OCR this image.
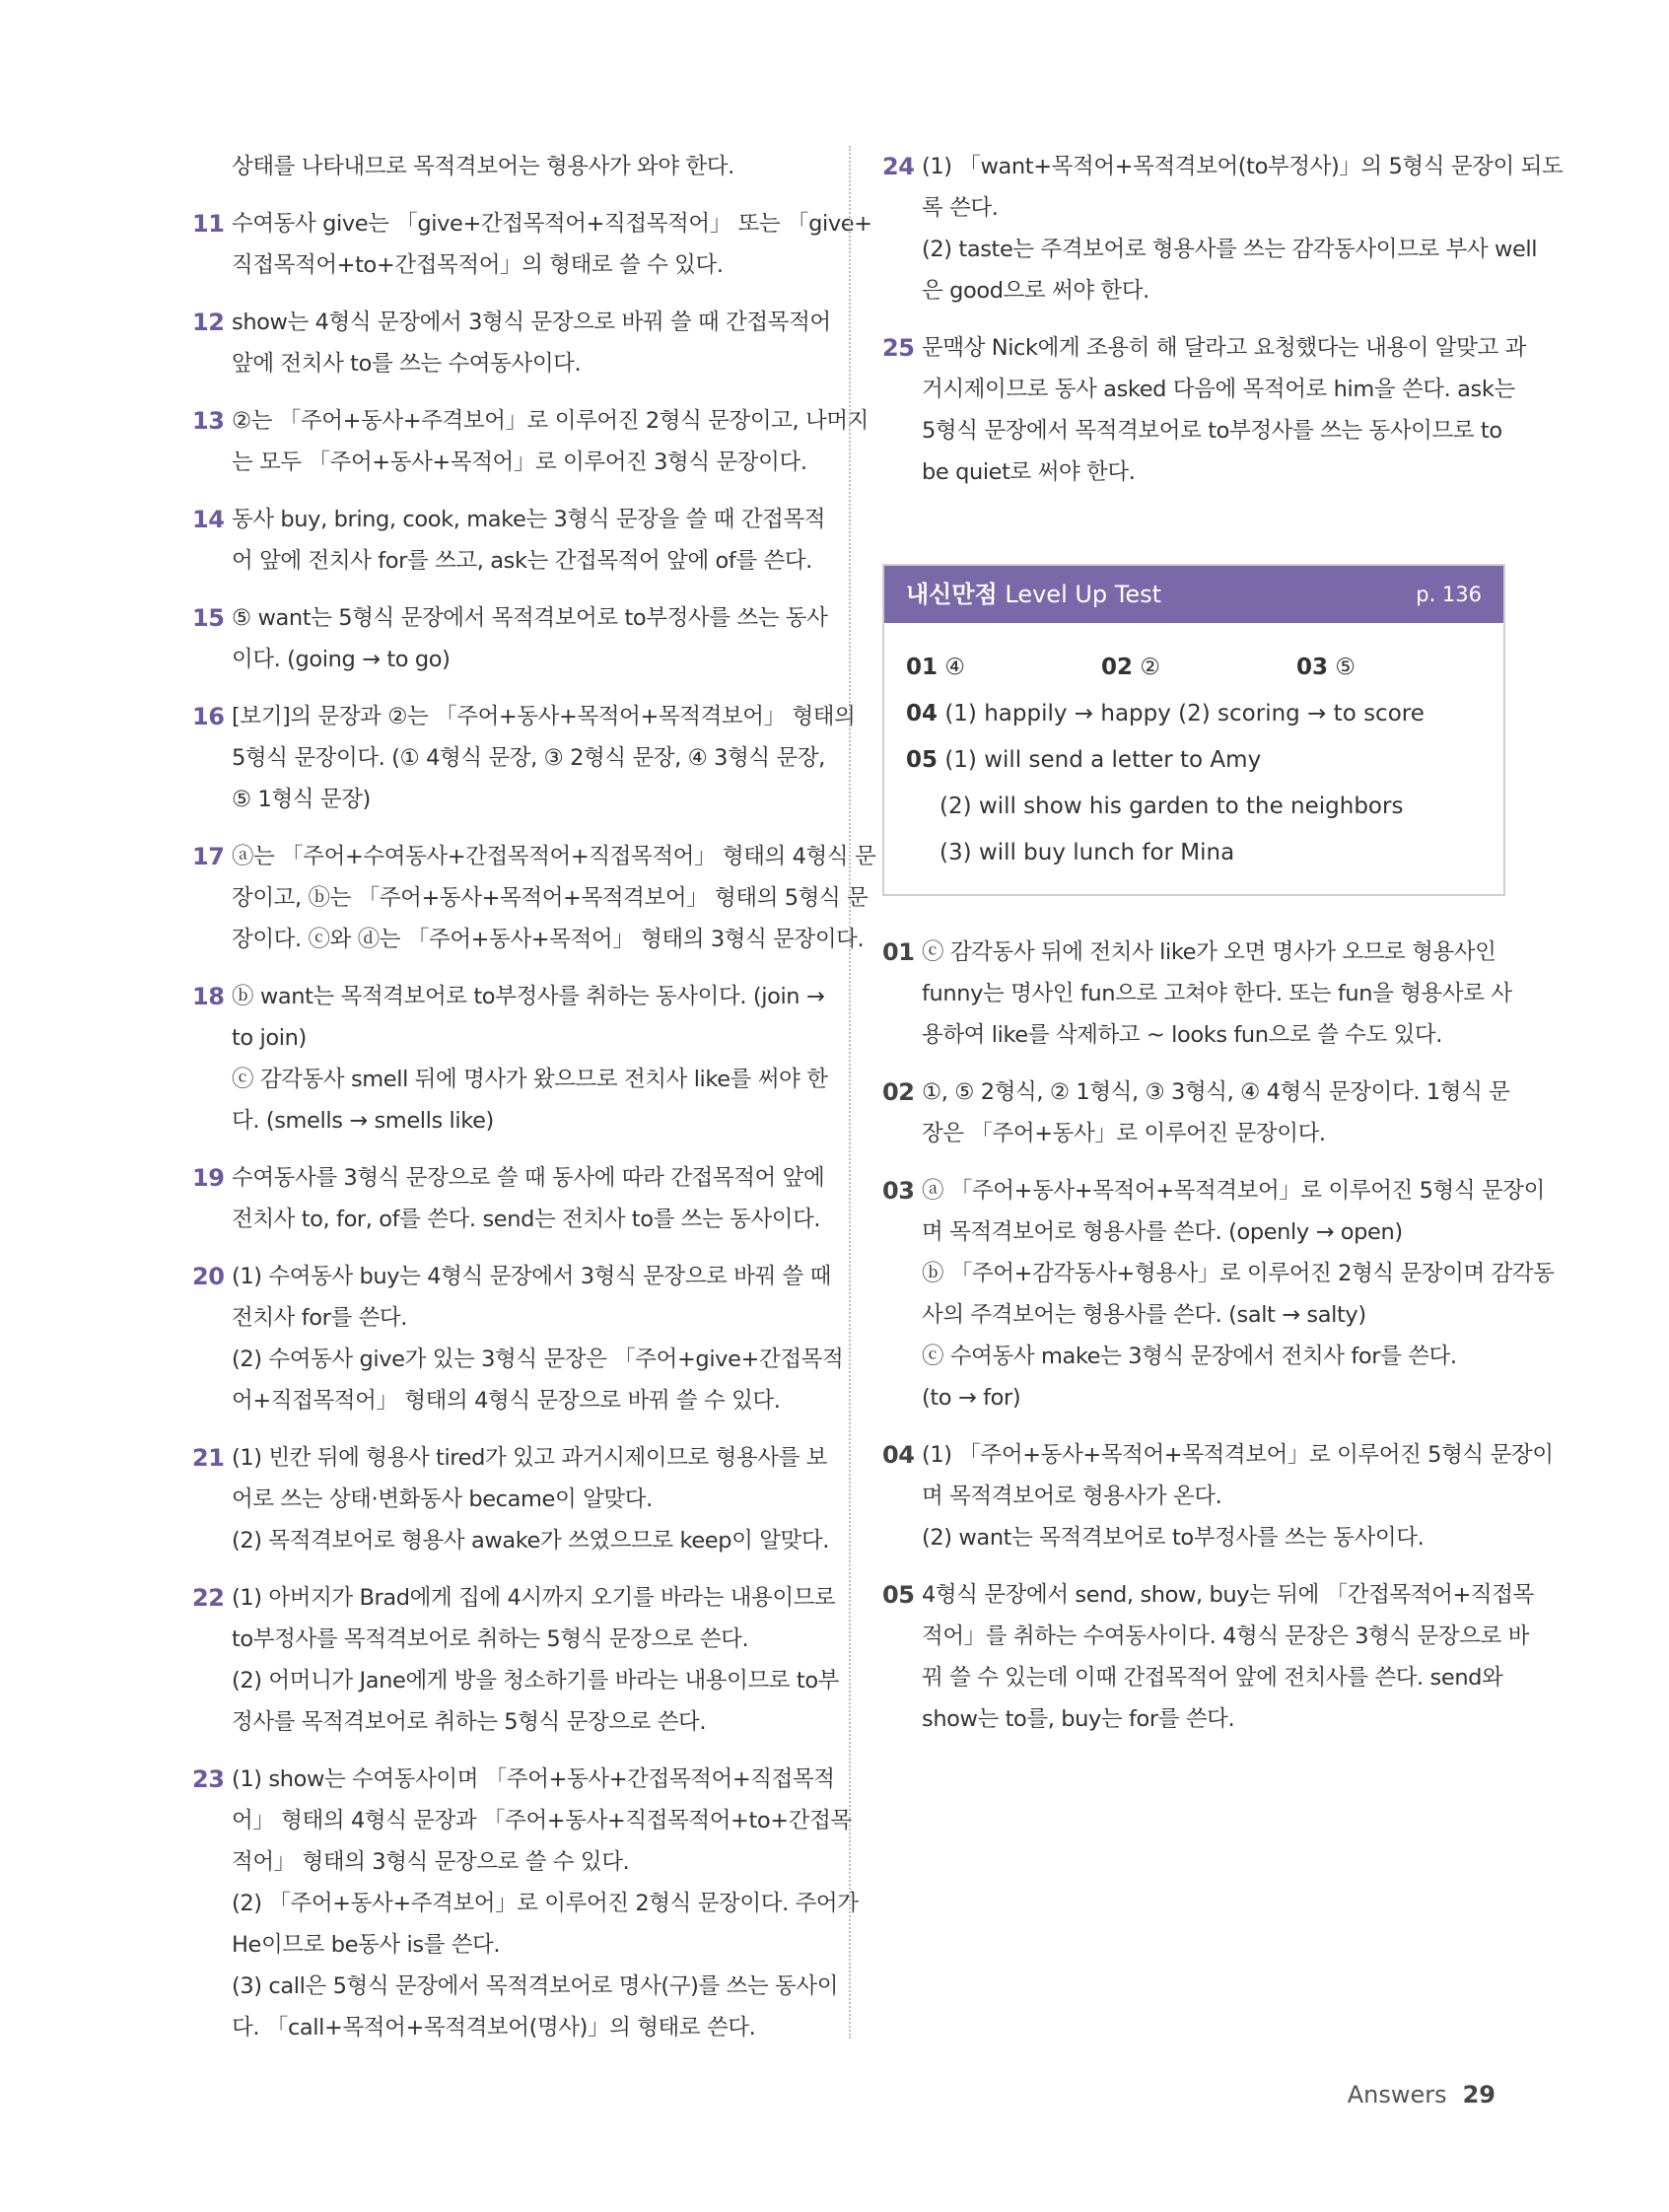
상태를 나타내므로 목적격보어는 형용사가 와야 한다.
11 수여동사 give는 「give+간접목적어+직접목적어」 또는 「give+
직접목적어+to+간접목적어」의 형태로 쓸 수 있다.
12 show는 4형식 문장에서 3형식 문장으로 바꿔 쓸 때 간접목적어
앞에 전치사 to를 쓰는 수여동사이다.
13 ②는 「주어+동사+주격보어」로 이루어진 2형식 문장이고, 나머지
는 모두 「주어+동사+목적어」로 이루어진 3형식 문장이다.
14 동사 buy, bring, cook, make는 3형식 문장을 쓸 때 간접목적
어 앞에 전치사 for를 쓰고, ask는 간접목적어 앞에 of를 쓴다.
15 ⑤ want는 5형식 문장에서 목적격보어로 to부정사를 쓰는 동사
이다. (going → to go)
16 [보기]의 문장과 ②는 「주어+동사+목적어+목적격보어」 형태의
5형식 문장이다. (① 4형식 문장, ③ 2형식 문장, ④ 3형식 문장,
⑤ 1형식 문장)
17 ⓐ는 「주어+수여동사+간접목적어+직접목적어」 형태의 4형식 문
장이고, ⓑ는 「주어+동사+목적어+목적격보어」 형태의 5형식 문
장이다. ⓒ와 ⓓ는 「주어+동사+목적어」 형태의 3형식 문장이다.
18 ⓑ want는 목적격보어로 to부정사를 취하는 동사이다. (join →
to join)
ⓒ 감각동사 smell 뒤에 명사가 왔으므로 전치사 like를 써야 한
다. (smells → smells like)
19 수여동사를 3형식 문장으로 쓸 때 동사에 따라 간접목적어 앞에
전치사 to, for, of를 쓴다. send는 전치사 to를 쓰는 동사이다.
20 (1) 수여동사 buy는 4형식 문장에서 3형식 문장으로 바꿔 쓸 때
전치사 for를 쓴다.
(2) 수여동사 give가 있는 3형식 문장은 「주어+give+간접목적
어+직접목적어」 형태의 4형식 문장으로 바꿔 쓸 수 있다.
21 (1) 빈칸 뒤에 형용사 tired가 있고 과거시제이므로 형용사를 보
어로 쓰는 상태·변화동사 became이 알맞다.
(2) 목적격보어로 형용사 awake가 쓰였으므로 keep이 알맞다.
22 (1) 아버지가 Brad에게 집에 4시까지 오기를 바라는 내용이므로
to부정사를 목적격보어로 취하는 5형식 문장으로 쓴다.
(2) 어머니가 Jane에게 방을 청소하기를 바라는 내용이므로 to부
정사를 목적격보어로 취하는 5형식 문장으로 쓴다.
23 (1) show는 수여동사이며 「주어+동사+간접목적어+직접목적
어」 형태의 4형식 문장과 「주어+동사+직접목적어+to+간접목
적어」 형태의 3형식 문장으로 쓸 수 있다.
(2) 「주어+동사+주격보어」로 이루어진 2형식 문장이다. 주어가
He이므로 be동사 is를 쓴다.
(3) call은 5형식 문장에서 목적격보어로 명사(구)를 쓰는 동사이
다. 「call+목적어+목적격보어(명사)」의 형태로 쓴다.
24 (1) 「want+목적어+목적격보어(to부정사)」의 5형식 문장이 되도
록 쓴다.
(2) taste는 주격보어로 형용사를 쓰는 감각동사이므로 부사 well
은 good으로 써야 한다.
25 문맥상 Nick에게 조용히 해 달라고 요청했다는 내용이 알맞고 과
거시제이므로 동사 asked 다음에 목적어로 him을 쓴다. ask는
5형식 문장에서 목적격보어로 to부정사를 쓰는 동사이므로 to
be quiet로 써야 한다.
내신만점 Level Up Test	p. 136
01 ④	02 ②	03 ⑤
04 (1) happily → happy (2) scoring → to score
05 (1) will send a letter to Amy
(2) will show his garden to the neighbors
(3) will buy lunch for Mina
01 ⓒ 감각동사 뒤에 전치사 like가 오면 명사가 오므로 형용사인
funny는 명사인 fun으로 고쳐야 한다. 또는 fun을 형용사로 사
용하여 like를 삭제하고 ~ looks fun으로 쓸 수도 있다.
02 ①, ⑤ 2형식, ② 1형식, ③ 3형식, ④ 4형식 문장이다. 1형식 문
장은 「주어+동사」로 이루어진 문장이다.
03 ⓐ 「주어+동사+목적어+목적격보어」로 이루어진 5형식 문장이
며 목적격보어로 형용사를 쓴다. (openly → open)
ⓑ 「주어+감각동사+형용사」로 이루어진 2형식 문장이며 감각동
사의 주격보어는 형용사를 쓴다. (salt → salty)
ⓒ 수여동사 make는 3형식 문장에서 전치사 for를 쓴다.
(to → for)
04 (1) 「주어+동사+목적어+목적격보어」로 이루어진 5형식 문장이
며 목적격보어로 형용사가 온다.
(2) want는 목적격보어로 to부정사를 쓰는 동사이다.
05 4형식 문장에서 send, show, buy는 뒤에 「간접목적어+직접목
적어」를 취하는 수여동사이다. 4형식 문장은 3형식 문장으로 바
꿔 쓸 수 있는데 이때 간접목적어 앞에 전치사를 쓴다. send와
show는 to를, buy는 for를 쓴다.
Answers 29
